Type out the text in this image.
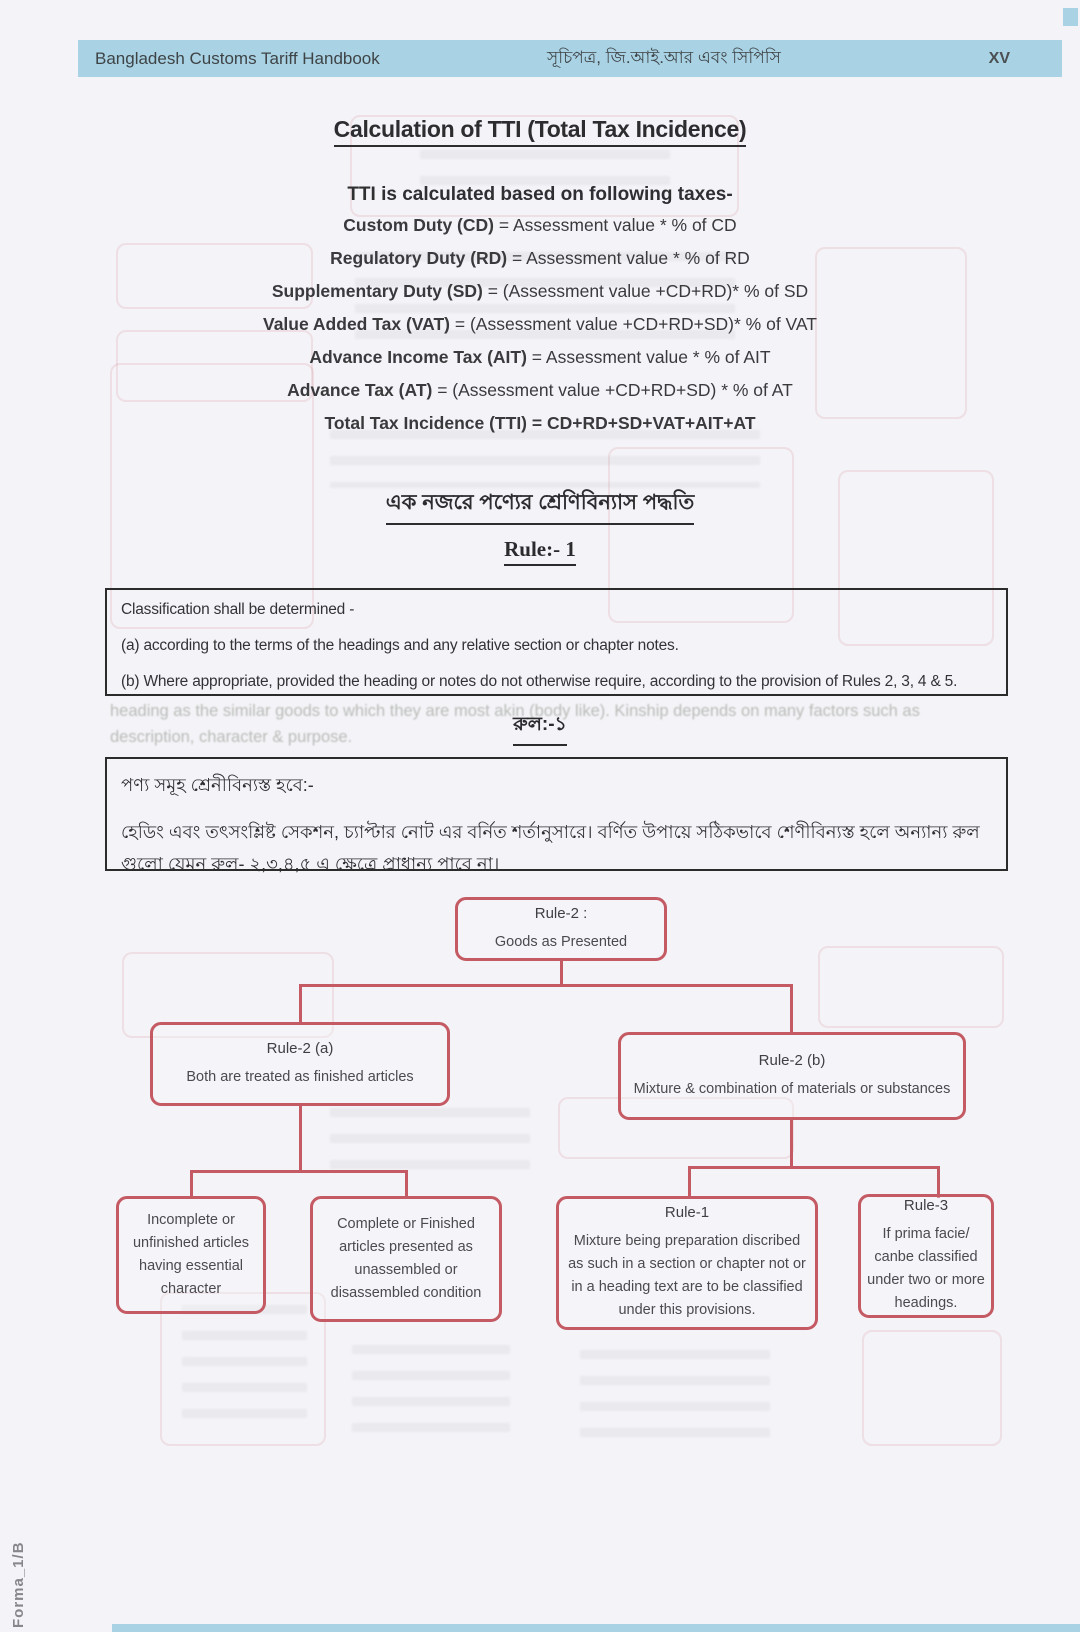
heading as the similar goods to which they are most akin (body like). Kinship depends on many factors such as
description, character & purpose.
Bangladesh Customs Tariff Handbook	সূচিপত্র, জি.আই.আর এবং সিপিসি	XV
Calculation of TTI (Total Tax Incidence)
TTI is calculated based on following taxes-
Custom Duty (CD) = Assessment value * % of CD
Regulatory Duty (RD) = Assessment value * % of RD
Supplementary Duty (SD) = (Assessment value +CD+RD)* % of SD
Value Added Tax (VAT) = (Assessment value +CD+RD+SD)* % of VAT
Advance Income Tax (AIT) = Assessment value * % of AIT
Advance Tax (AT) = (Assessment value +CD+RD+SD) * % of AT
Total Tax Incidence (TTI) = CD+RD+SD+VAT+AIT+AT
এক নজরে পণ্যের শ্রেণিবিন্যাস পদ্ধতি
Rule:- 1

Classification shall be determined -

(a) according to the terms of the headings and any relative section or chapter notes.

(b) Where appropriate, provided the heading or notes do not otherwise require, according to the provision of Rules 2, 3, 4 & 5.

রুল:-১

পণ্য সমূহ শ্রেনীবিন্যস্ত হবে:-

হেডিং এবং তৎসংশ্লিষ্ট সেকশন, চ্যাপ্টার নোট এর বর্নিত শর্তানুসারে। বর্ণিত উপায়ে সঠিকভাবে শেণীবিন্যস্ত হলে অন্যান্য রুল গুলো যেমন রুল- ২,৩,৪,৫ এ ক্ষেত্রে প্রাধান্য পাবে না।

Rule-2 :

Goods as Presented

Rule-2 (a)

Both are treated as finished articles

Rule-2 (b)

Mixture & combination of materials or substances

Incomplete or unfinished articles having essential character

Complete or Finished articles presented as unassembled or disassembled condition

Rule-1

Mixture being preparation discribed as such in a section or chapter not or in a heading text are to be classified under this provisions.

Rule-3

If prima facie/ canbe classified under two or more headings.

Forma_1/B
